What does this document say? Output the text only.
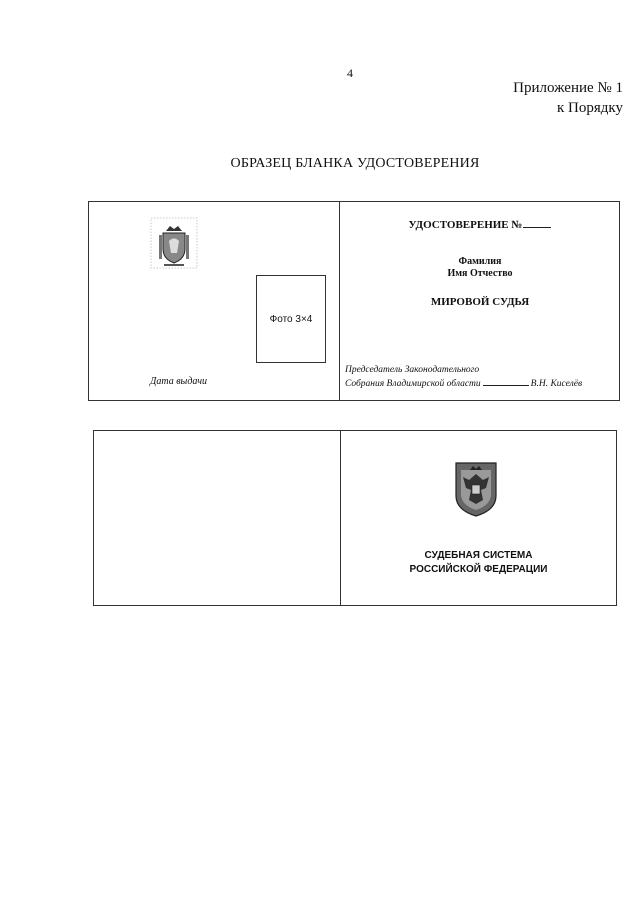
4
Приложение № 1
к Порядку
ОБРАЗЕЦ БЛАНКА УДОСТОВЕРЕНИЯ
Фото 3×4
Дата выдачи
УДОСТОВЕРЕНИЕ №
Фамилия
Имя Отчество
МИРОВОЙ СУДЬЯ
Председатель Законодательного
Собрания Владимирской области	В.Н. Киселёв
СУДЕБНАЯ СИСТЕМА
РОССИЙСКОЙ ФЕДЕРАЦИИ
